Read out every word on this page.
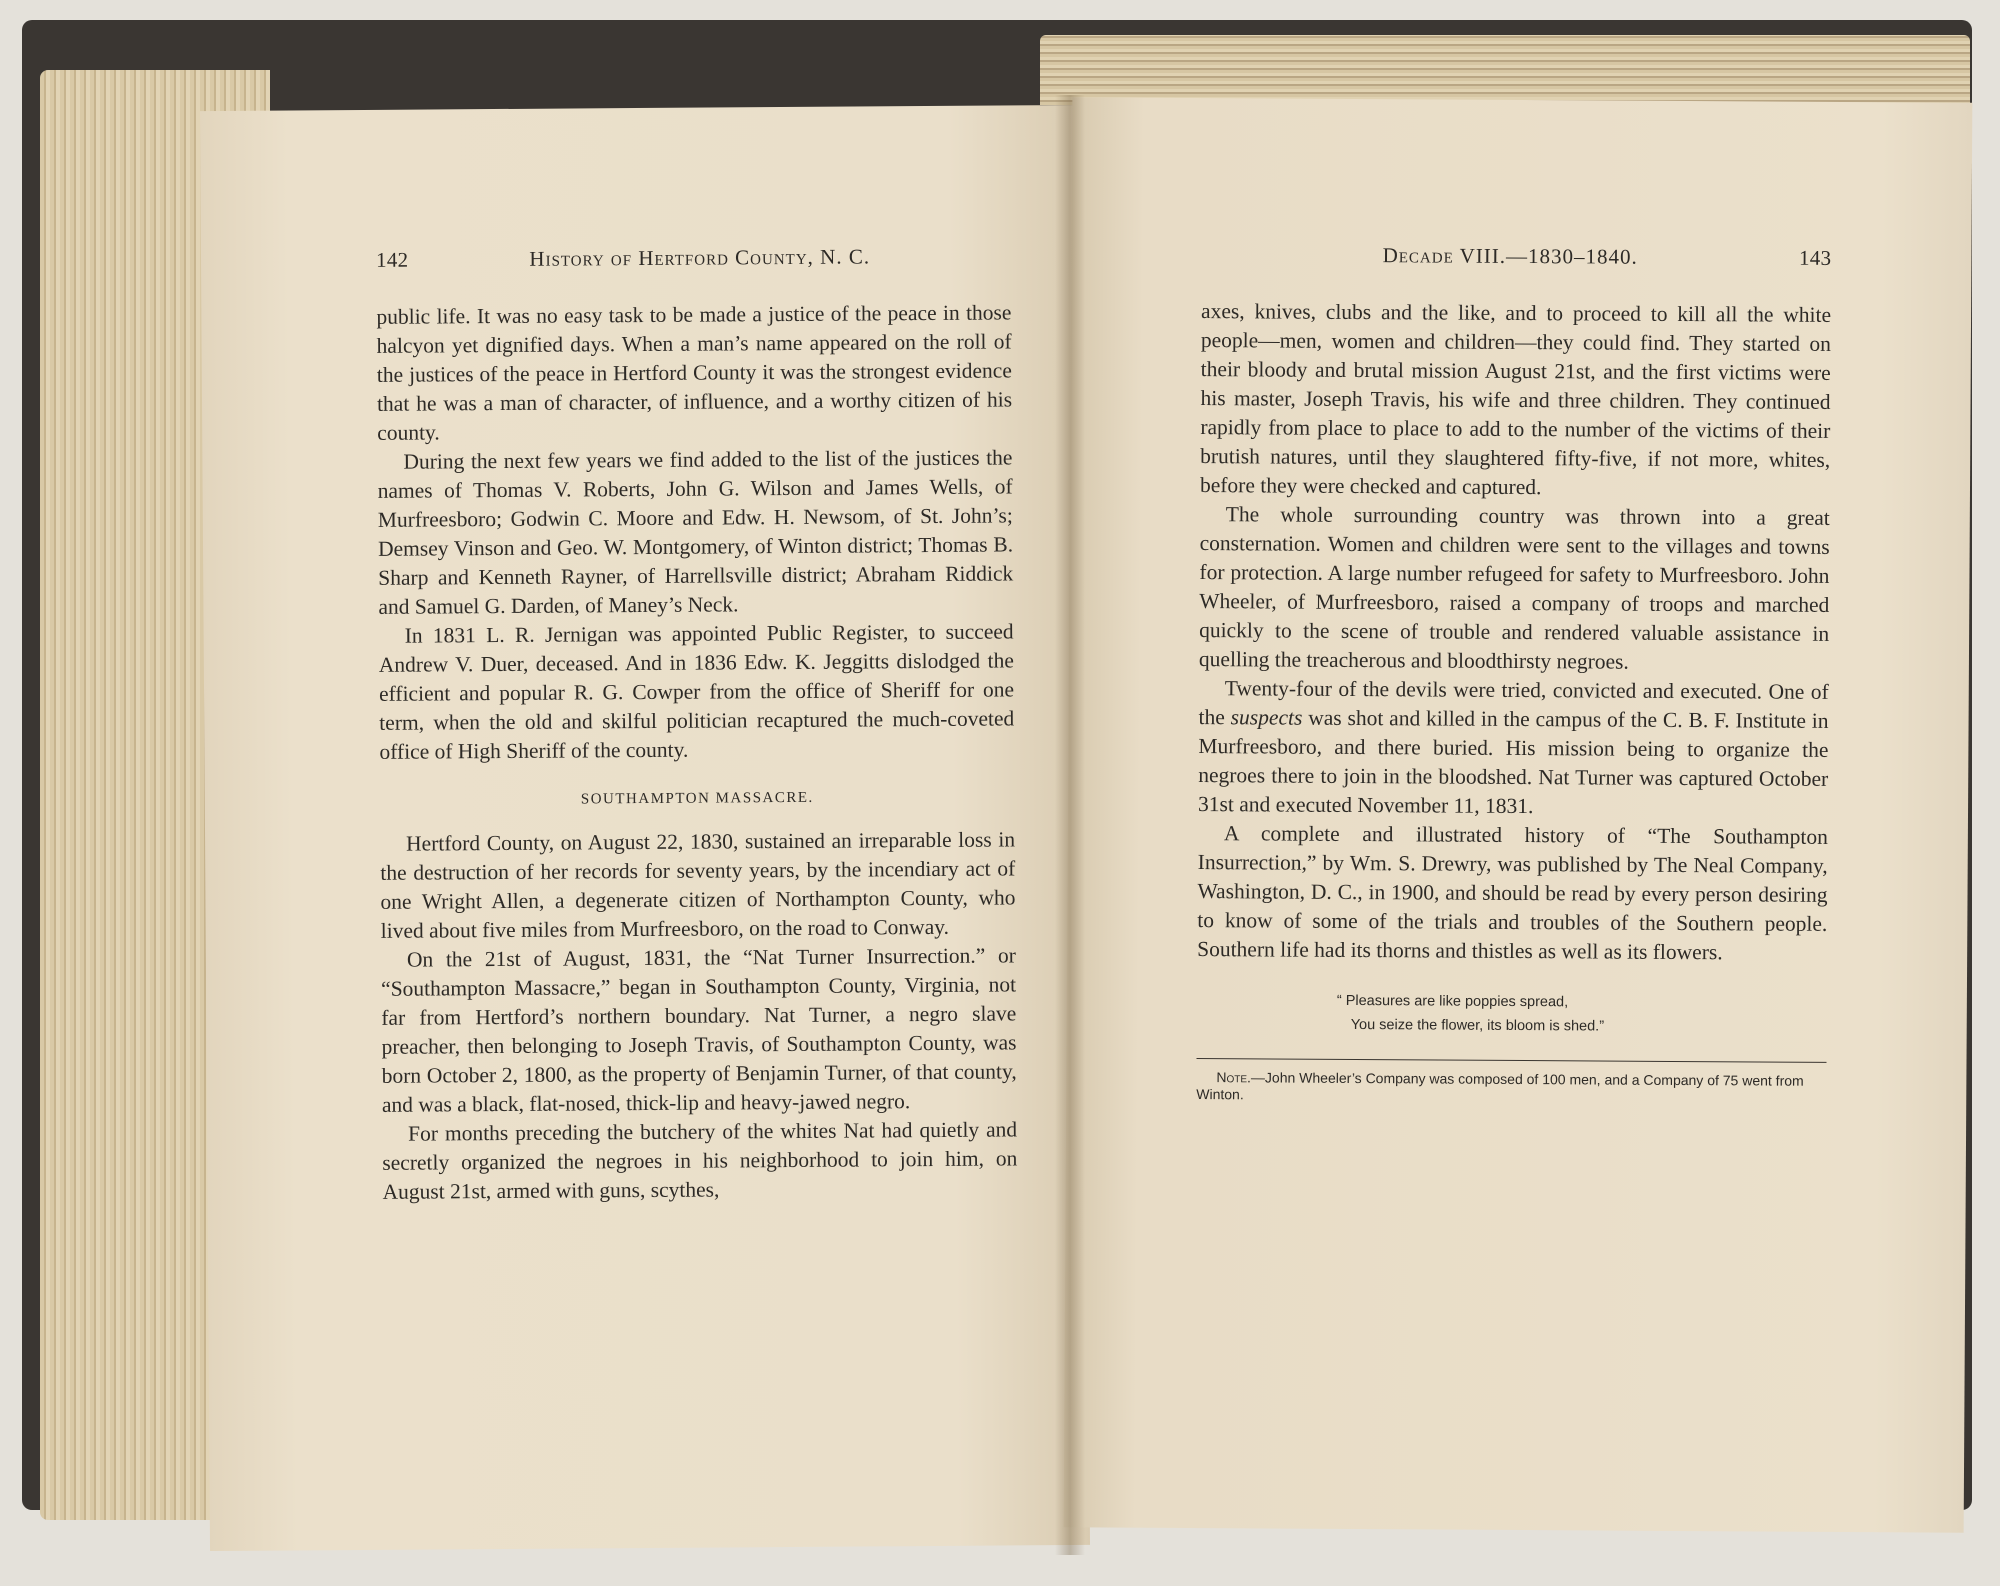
142	History of Hertford County, N. C.

public life. It was no easy task to be made a justice of the peace in those halcyon yet dignified days. When a man’s name appeared on the roll of the justices of the peace in Hertford County it was the strongest evidence that he was a man of character, of influence, and a worthy citizen of his county.

During the next few years we find added to the list of the justices the names of Thomas V. Roberts, John G. Wilson and James Wells, of Murfreesboro; Godwin C. Moore and Edw. H. Newsom, of St. John’s; Demsey Vinson and Geo. W. Montgomery, of Winton district; Thomas B. Sharp and Kenneth Rayner, of Harrellsville district; Abraham Riddick and Samuel G. Darden, of Maney’s Neck.

In 1831 L. R. Jernigan was appointed Public Register, to succeed Andrew V. Duer, deceased. And in 1836 Edw. K. Jeggitts dislodged the efficient and popular R. G. Cowper from the office of Sheriff for one term, when the old and skilful politician recaptured the much-coveted office of High Sheriff of the county.

SOUTHAMPTON MASSACRE.

Hertford County, on August 22, 1830, sustained an irreparable loss in the destruction of her records for seventy years, by the incendiary act of one Wright Allen, a degenerate citizen of Northampton County, who lived about five miles from Murfreesboro, on the road to Conway.

On the 21st of August, 1831, the “Nat Turner Insurrection.” or “Southampton Massacre,” began in Southampton County, Virginia, not far from Hertford’s northern boundary. Nat Turner, a negro slave preacher, then belonging to Joseph Travis, of Southampton County, was born October 2, 1800, as the property of Benjamin Turner, of that county, and was a black, flat-nosed, thick-lip and heavy-jawed negro.

For months preceding the butchery of the whites Nat had quietly and secretly organized the negroes in his neighborhood to join him, on August 21st, armed with guns, scythes,

Decade VIII.—1830–1840.	143

axes, knives, clubs and the like, and to proceed to kill all the white people—men, women and children—they could find. They started on their bloody and brutal mission August 21st, and the first victims were his master, Joseph Travis, his wife and three children. They continued rapidly from place to place to add to the number of the victims of their brutish natures, until they slaughtered fifty-five, if not more, whites, before they were checked and captured.

The whole surrounding country was thrown into a great consternation. Women and children were sent to the villages and towns for protection. A large number refugeed for safety to Murfreesboro. John Wheeler, of Murfreesboro, raised a company of troops and marched quickly to the scene of trouble and rendered valuable assistance in quelling the treacherous and bloodthirsty negroes.

Twenty-four of the devils were tried, convicted and executed. One of the suspects was shot and killed in the campus of the C. B. F. Institute in Murfreesboro, and there buried. His mission being to organize the negroes there to join in the bloodshed. Nat Turner was captured October 31st and executed November 11, 1831.

A complete and illustrated history of “The Southampton Insurrection,” by Wm. S. Drewry, was published by The Neal Company, Washington, D. C., in 1900, and should be read by every person desiring to know of some of the trials and troubles of the Southern people. Southern life had its thorns and thistles as well as its flowers.

“ Pleasures are like poppies spread,
You seize the flower, its bloom is shed.”
Note.—John Wheeler’s Company was composed of 100 men, and a Company of 75 went from Winton.
